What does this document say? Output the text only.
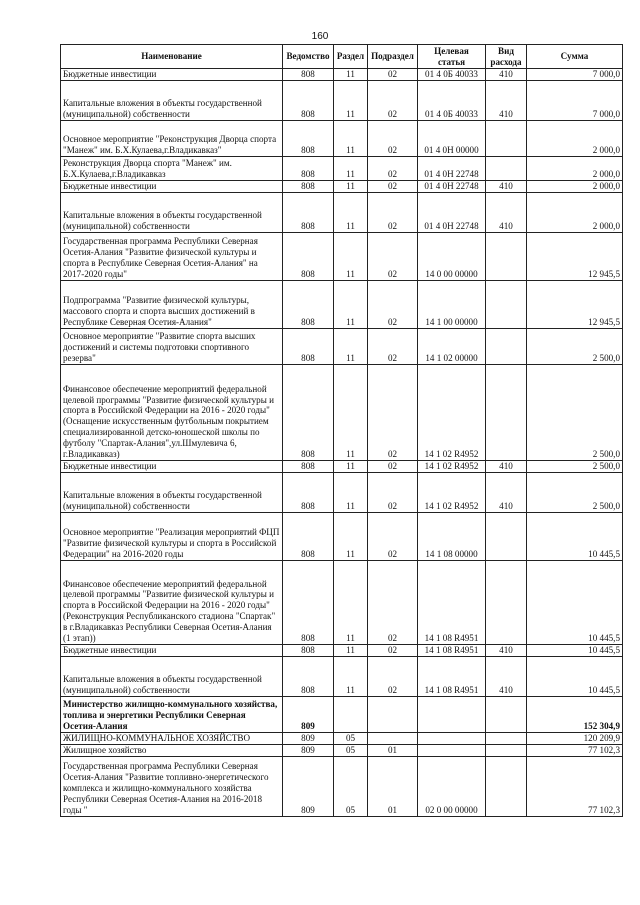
160
Наименование	Ведомство	Раздел	Подраздел	Целевая статья	Вид расхода	Сумма
Бюджетные инвестиции	808	11	02	01 4 0Б 40033	410	7 000,0
Капитальные вложения в объекты государственной (муниципальной) собственности	808	11	02	01 4 0Б 40033	410	7 000,0
Основное мероприятие "Реконструкция Дворца спорта "Манеж" им. Б.Х.Кулаева,г.Владикавказ"	808	11	02	01 4 0Н 00000		2 000,0
Реконструкция Дворца спорта "Манеж" им. Б.Х.Кулаева,г.Владикавказ	808	11	02	01 4 0Н 22748		2 000,0
Бюджетные инвестиции	808	11	02	01 4 0Н 22748	410	2 000,0
Капитальные вложения в объекты государственной (муниципальной) собственности	808	11	02	01 4 0Н 22748	410	2 000,0
Государственная программа Республики Северная Осетия-Алания "Развитие физической культуры и спорта в Республике Северная Осетия-Алания" на 2017-2020 годы"	808	11	02	14 0 00 00000		12 945,5
Подпрограмма "Развитие физической культуры, массового спорта и спорта высших достижений в Республике Северная Осетия-Алания"	808	11	02	14 1 00 00000		12 945,5
Основное мероприятие "Развитие спорта высших достижений и системы подготовки спортивного резерва"	808	11	02	14 1 02 00000		2 500,0
Финансовое обеспечение мероприятий федеральной целевой программы "Развитие физической культуры и спорта в Российской Федерации на 2016 - 2020 годы" (Оснащение искусственным футбольным покрытием специализированной детско-юношеской школы по футболу "Спартак-Алания",ул.Шмулевича 6, г.Владикавказ)	808	11	02	14 1 02 R4952		2 500,0
Бюджетные инвестиции	808	11	02	14 1 02 R4952	410	2 500,0
Капитальные вложения в объекты государственной (муниципальной) собственности	808	11	02	14 1 02 R4952	410	2 500,0
Основное мероприятие "Реализация мероприятий ФЦП "Развитие физической культуры и спорта в Российской Федерации" на 2016-2020 годы	808	11	02	14 1 08 00000		10 445,5
Финансовое обеспечение мероприятий федеральной целевой программы "Развитие физической культуры и спорта в Российской Федерации на 2016 - 2020 годы" (Реконструкция Республиканского стадиона "Спартак" в г.Владикавказ Республики Северная Осетия-Алания (1 этап))	808	11	02	14 1 08 R4951		10 445,5
Бюджетные инвестиции	808	11	02	14 1 08 R4951	410	10 445,5
Капитальные вложения в объекты государственной (муниципальной) собственности	808	11	02	14 1 08 R4951	410	10 445,5
Министерство жилищно-коммунального хозяйства, топлива и энергетики Республики Северная Осетия-Алания	809					152 304,9
ЖИЛИЩНО-КОММУНАЛЬНОЕ ХОЗЯЙСТВО	809	05				120 209,9
Жилищное хозяйство	809	05	01			77 102,3
Государственная программа Республики Северная Осетия-Алания "Развитие топливно-энергетического комплекса и жилищно-коммунального хозяйства Республики Северная Осетия-Алания на 2016-2018 годы "	809	05	01	02 0 00 00000		77 102,3
